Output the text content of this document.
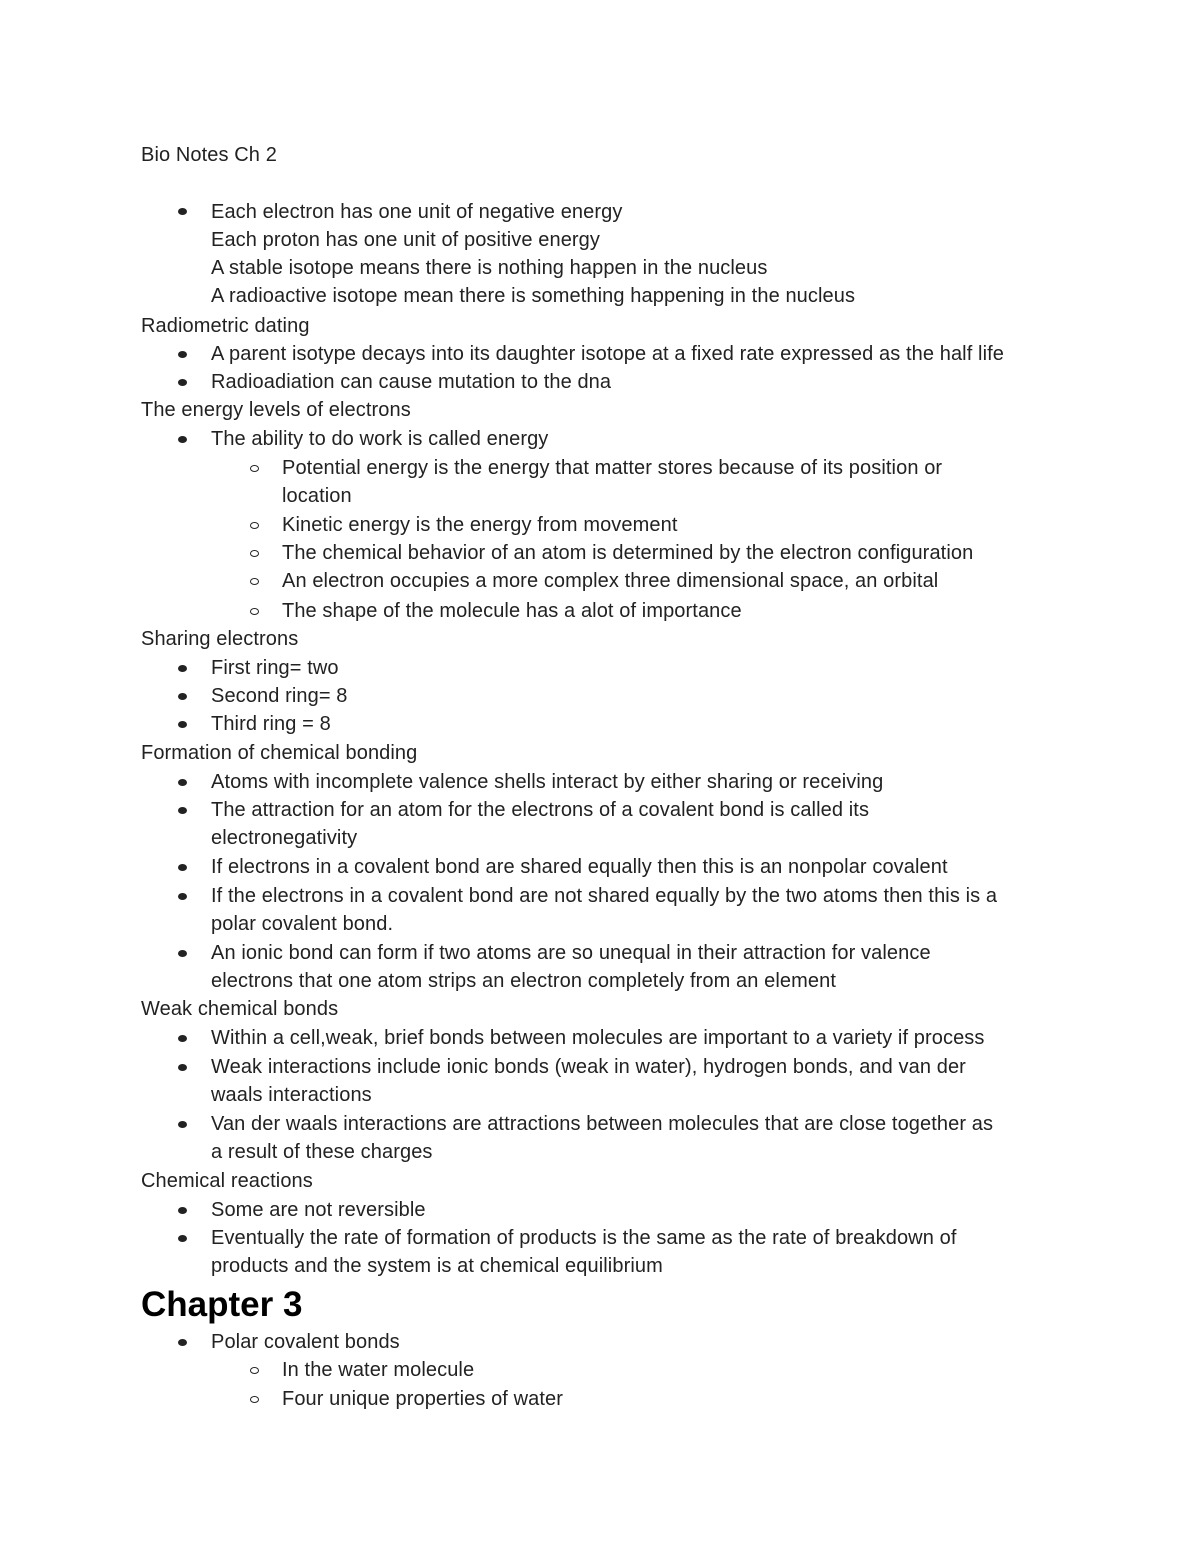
Bio Notes Ch 2
Each electron has one unit of negative energy
Each proton has one unit of positive energy
A stable isotope means there is nothing happen in the nucleus
A radioactive isotope mean there is something happening in the nucleus
Radiometric dating
A parent isotype decays into its daughter isotope at a fixed rate expressed as the half life
Radioadiation can cause mutation to the dna
The energy levels of electrons
The ability to do work is called energy
Potential energy is the energy that matter stores because of its position or
location
Kinetic energy is the energy from movement
The chemical behavior of an atom is determined by the electron configuration
An electron occupies a more complex three dimensional space, an orbital
The shape of the molecule has a alot of importance
Sharing electrons
First ring= two
Second ring= 8
Third ring = 8
Formation of chemical bonding
Atoms with incomplete valence shells interact by either sharing or receiving
The attraction for an atom for the electrons of a covalent bond is called its
electronegativity
If electrons in a covalent bond are shared equally then this is an nonpolar covalent
If the electrons in a covalent bond are not shared equally by the two atoms then this is a
polar covalent bond.
An ionic bond can form if two atoms are so unequal in their attraction for valence
electrons that one atom strips an electron completely from an element
Weak chemical bonds
Within a cell,weak, brief bonds between molecules are important to a variety if process
Weak interactions include ionic bonds (weak in water), hydrogen bonds, and van der
waals interactions
Van der waals interactions are attractions between molecules that are close together as
a result of these charges
Chemical reactions
Some are not reversible
Eventually the rate of formation of products is the same as the rate of breakdown of
products and the system is at chemical equilibrium
Chapter 3
Polar covalent bonds
In the water molecule
Four unique properties of water
